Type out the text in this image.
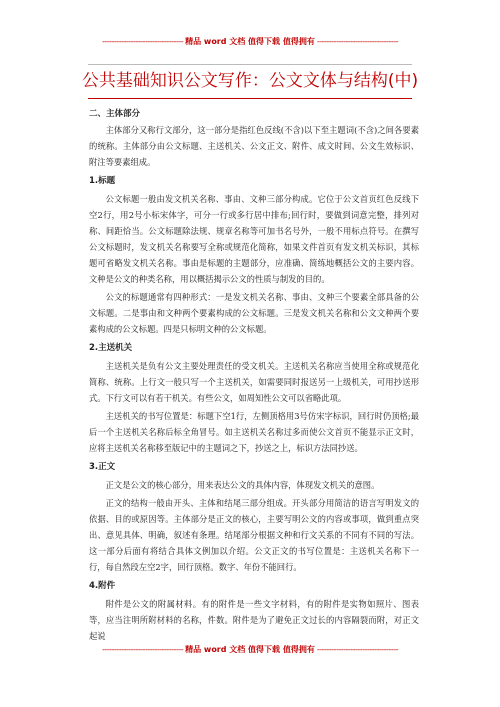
---------------------------------- 精品 word 文档 值得下载 值得拥有 ----------------------------------
公共基础知识公文写作：公文文体与结构(中)
二、主体部分
主体部分又称行文部分，这一部分是指红色反线(不含)以下至主题词(不含)之间各要素的统称。主体部分由公文标题、主送机关、公文正文、附件、成文时间、公文生效标识、附注等要素组成。
1.标题
公文标题一般由发文机关名称、事由、文种三部分构成。它位于公文首页红色反线下空2行，用2号小标宋体字，可分一行或多行居中排布;回行时，要做到词意完整，排列对称、间距恰当。公文标题除法规、规章名称等可加书名号外，一般不用标点符号。在撰写公文标题时，发文机关名称要写全称或规范化简称，如果文件首页有发文机关标识，其标题可省略发文机关名称。事由是标题的主题部分，应准确、简练地概括公文的主要内容。文种是公文的种类名称，用以概括揭示公文的性质与制发的目的。
公文的标题通常有四种形式：一是发文机关名称、事由、文种三个要素全部具备的公文标题。二是事由和文种两个要素构成的公文标题。三是发文机关名称和公文文种两个要素构成的公文标题。四是只标明文种的公文标题。
2.主送机关
主送机关是负有公文主要处理责任的受文机关。主送机关名称应当使用全称或规范化简称、统称。上行文一般只写一个主送机关，如需要同时报送另一上级机关，可用抄送形式。下行文可以有若干机关。有些公文，如周知性公文可以省略此项。
主送机关的书写位置是：标题下空1行，左侧顶格用3号仿宋字标识，回行时仍顶格;最后一个主送机关名称后标全角冒号。如主送机关名称过多而使公文首页不能显示正文时，应将主送机关名称移至版记中的主题词之下，抄送之上，标识方法同抄送。
3.正文
正文是公文的核心部分，用来表达公文的具体内容，体现发文机关的意图。
正文的结构一般由开头、主体和结尾三部分组成。开头部分用简洁的语言写明发文的依据、目的或原因等。主体部分是正文的核心，主要写明公文的内容或事项，做到重点突出、意见具体、明确，叙述有条理。结尾部分根据文种和行文关系的不同有不同的写法。这一部分后面有将结合具体文例加以介绍。公文正文的书写位置是：主送机关名称下一行，每自然段左空2字，回行顶格。数字、年份不能回行。
4.附件
附件是公文的附属材料。有的附件是一些文字材料，有的附件是实物如照片、图表等，应当注明所附材料的名称，件数。附件是为了避免正文过长的内容隔裂而附，对正文起说
---------------------------------- 精品 word 文档 值得下载 值得拥有 ----------------------------------
